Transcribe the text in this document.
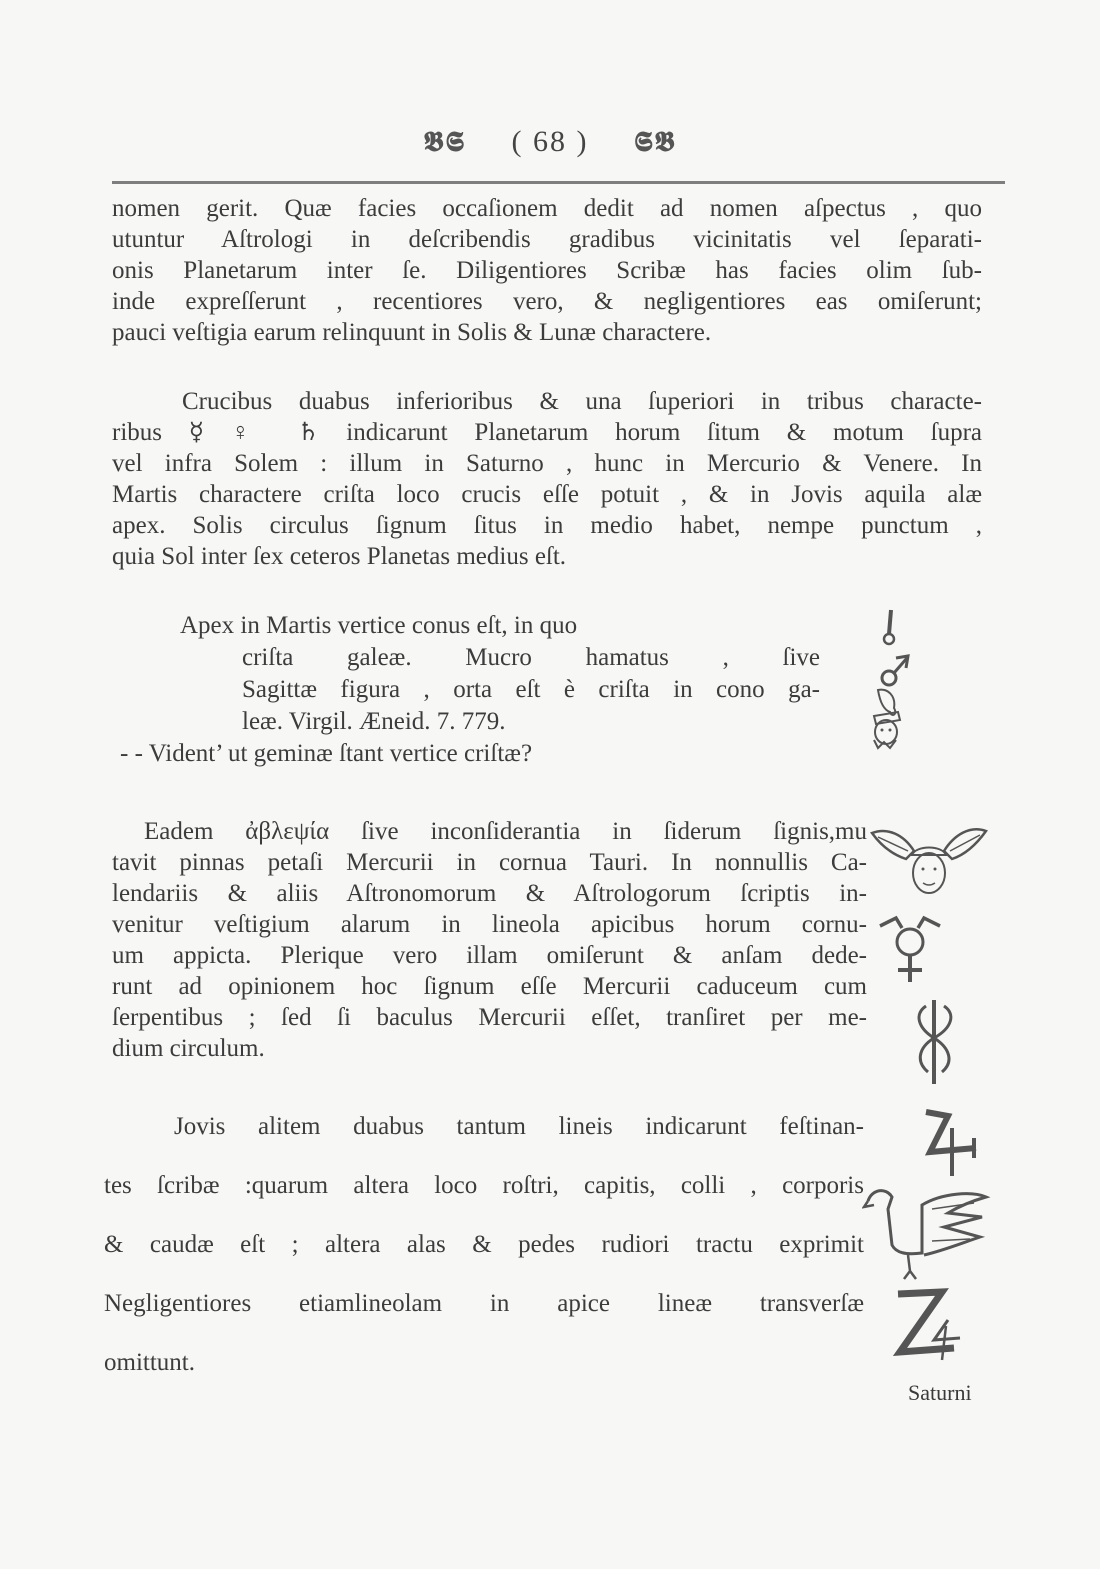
𝕭𝕾 ( 68 ) 𝕾𝕭
nomen gerit. Quæ facies occaſionem dedit ad nomen aſpectus , quo
utuntur Aſtrologi in deſcribendis gradibus vicinitatis vel ſeparati-
onis Planetarum inter ſe. Diligentiores Scribæ has facies olim ſub-
inde expreſſerunt , recentiores vero, & negligentiores eas omiſerunt;
pauci veſtigia earum relinquunt in Solis & Lunæ charactere.
Crucibus duabus inferioribus & una ſuperiori in tribus characte-
ribus ☿ ♀ ♄ indicarunt Planetarum horum ſitum & motum ſupra
vel infra Solem : illum in Saturno , hunc in Mercurio & Venere. In
Martis charactere criſta loco crucis eſſe potuit , & in Jovis aquila alæ
apex. Solis circulus ſignum ſitus in medio habet, nempe punctum ,
quia Sol inter ſex ceteros Planetas medius eſt.
Apex in Martis vertice conus eſt, in quo
criſta galeæ. Mucro hamatus , ſive
Sagittæ figura , orta eſt è criſta in cono ga-
leæ. Virgil. Æneid. 7. 779.
- - Vident’ ut geminæ ſtant vertice criſtæ?
Eadem ἀβλεψία ſive inconſiderantia in ſiderum ſignis,mu
tavit pinnas petaſi Mercurii in cornua Tauri. In nonnullis Ca-
lendariis & aliis Aſtronomorum & Aſtrologorum ſcriptis in-
venitur veſtigium alarum in lineola apicibus horum cornu-
um appicta. Plerique vero illam omiſerunt & anſam dede-
runt ad opinionem hoc ſignum eſſe Mercurii caduceum cum
ſerpentibus ; ſed ſi baculus Mercurii eſſet, tranſiret per me-
dium circulum.
Jovis alitem duabus tantum lineis indicarunt feſtinan-
tes ſcribæ :quarum altera loco roſtri, capitis, colli , corporis
& caudæ eſt ; altera alas & pedes rudiori tractu exprimit
Negligentiores etiamlineolam in apice lineæ transverſæ
omittunt.
Saturni
